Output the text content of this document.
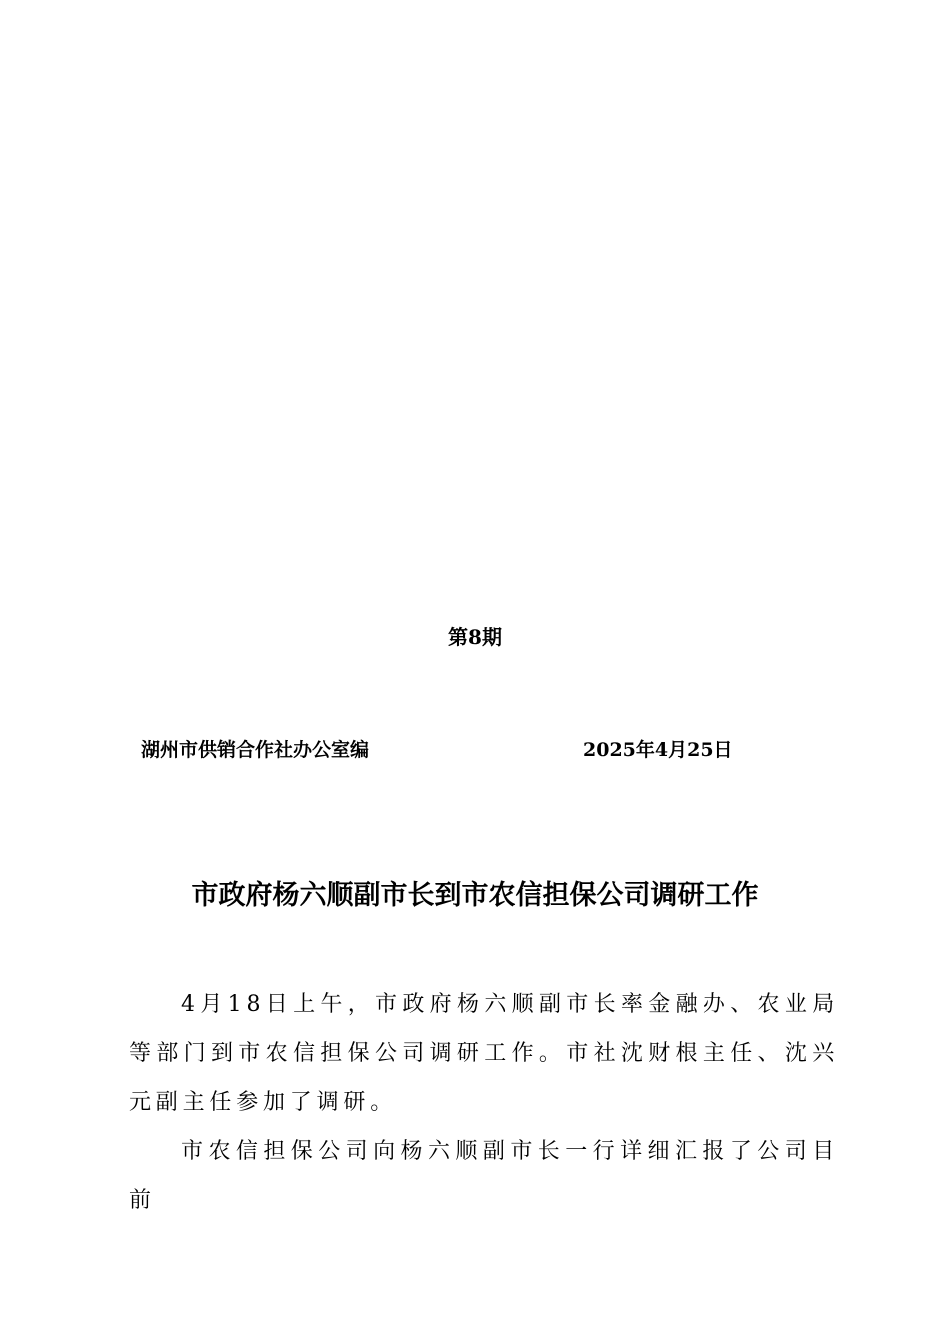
第8期
湖州市供销合作社办公室编	2025年4月25日
市政府杨六顺副市长到市农信担保公司调研工作

4月18日上午，市政府杨六顺副市长率金融办、农业局等部门到市农信担保公司调研工作。市社沈财根主任、沈兴元副主任参加了调研。

市农信担保公司向杨六顺副市长一行详细汇报了公司目前
